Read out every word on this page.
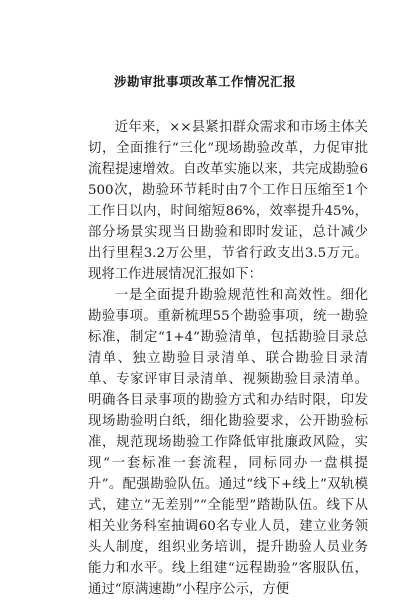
涉勘审批事项改革工作情况汇报

近年来，××县紧扣群众需求和市场主体关切，全面推行“三化”现场勘验改革，力促审批流程提速增效。自改革实施以来，共完成勘验6500次，勘验环节耗时由7个工作日压缩至1个工作日以内，时间缩短86%，效率提升45%，部分场景实现当日勘验和即时发证，总计减少出行里程3.2万公里，节省行政支出3.5万元。现将工作进展情况汇报如下：

一是全面提升勘验规范性和高效性。细化勘验事项。重新梳理55个勘验事项，统一勘验标准，制定“1+4”勘验清单，包括勘验目录总清单、独立勘验目录清单、联合勘验目录清单、专家评审目录清单、视频勘验目录清单。明确各目录事项的勘验方式和办结时限，印发现场勘验明白纸，细化勘验要求，公开勘验标准，规范现场勘验工作降低审批廉政风险，实现“一套标准一套流程，同标同办一盘棋提升”。配强勘验队伍。通过“线下+线上”双轨模式，建立“无差别”“全能型”踏勘队伍。线下从相关业务科室抽调60名专业人员，建立业务领头人制度，组织业务培训，提升勘验人员业务能力和水平。线上组建“远程勘验”客服队伍，通过“原满速勘”小程序公示，方便
